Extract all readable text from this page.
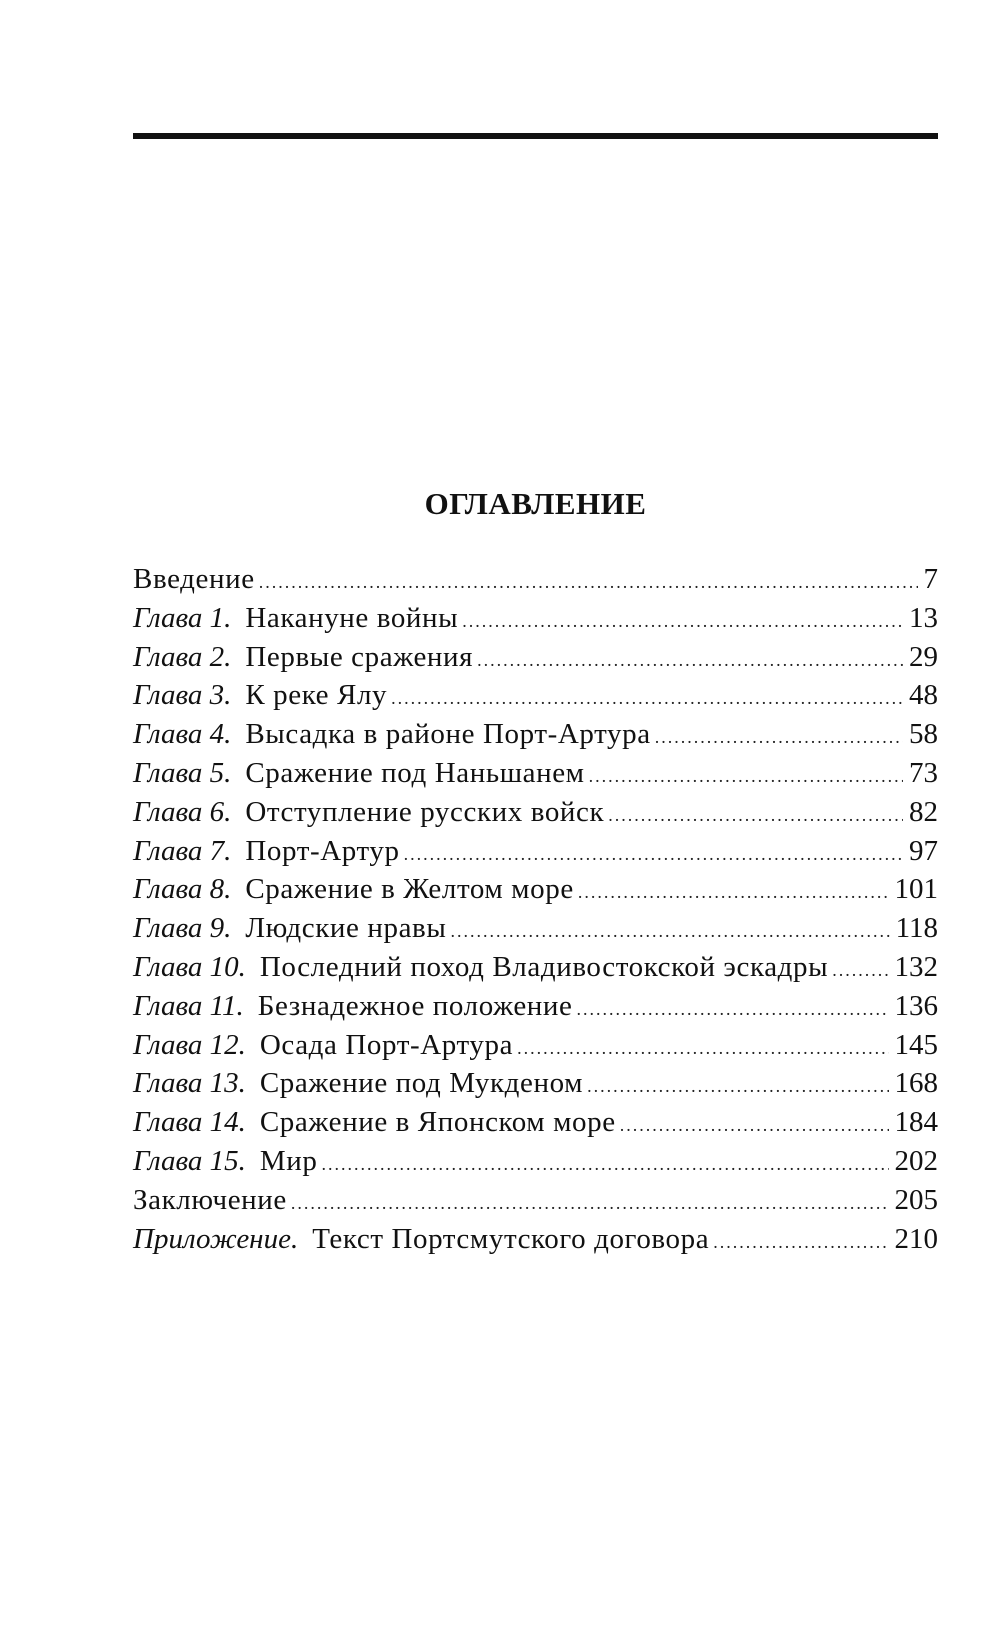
ОГЛАВЛЕНИЕ
Введение .....	7
Глава 1. Накануне войны .....	13
Глава 2. Первые сражения .....	29
Глава 3. К реке Ялу .....	48
Глава 4. Высадка в районе Порт-Артура .....	58
Глава 5. Сражение под Наньшанем .....	73
Глава 6. Отступление русских войск .....	82
Глава 7. Порт-Артур .....	97
Глава 8. Сражение в Желтом море .....	101
Глава 9. Людские нравы .....	118
Глава 10. Последний поход Владивостокской эскадры ..... 132
Глава 11. Безнадежное положение .....	136
Глава 12. Осада Порт-Артура .....	145
Глава 13. Сражение под Мукденом .....	168
Глава 14. Сражение в Японском море .....	184
Глава 15. Мир .....	202
Заключение .....	205
Приложение. Текст Портсмутского договора .....	210
